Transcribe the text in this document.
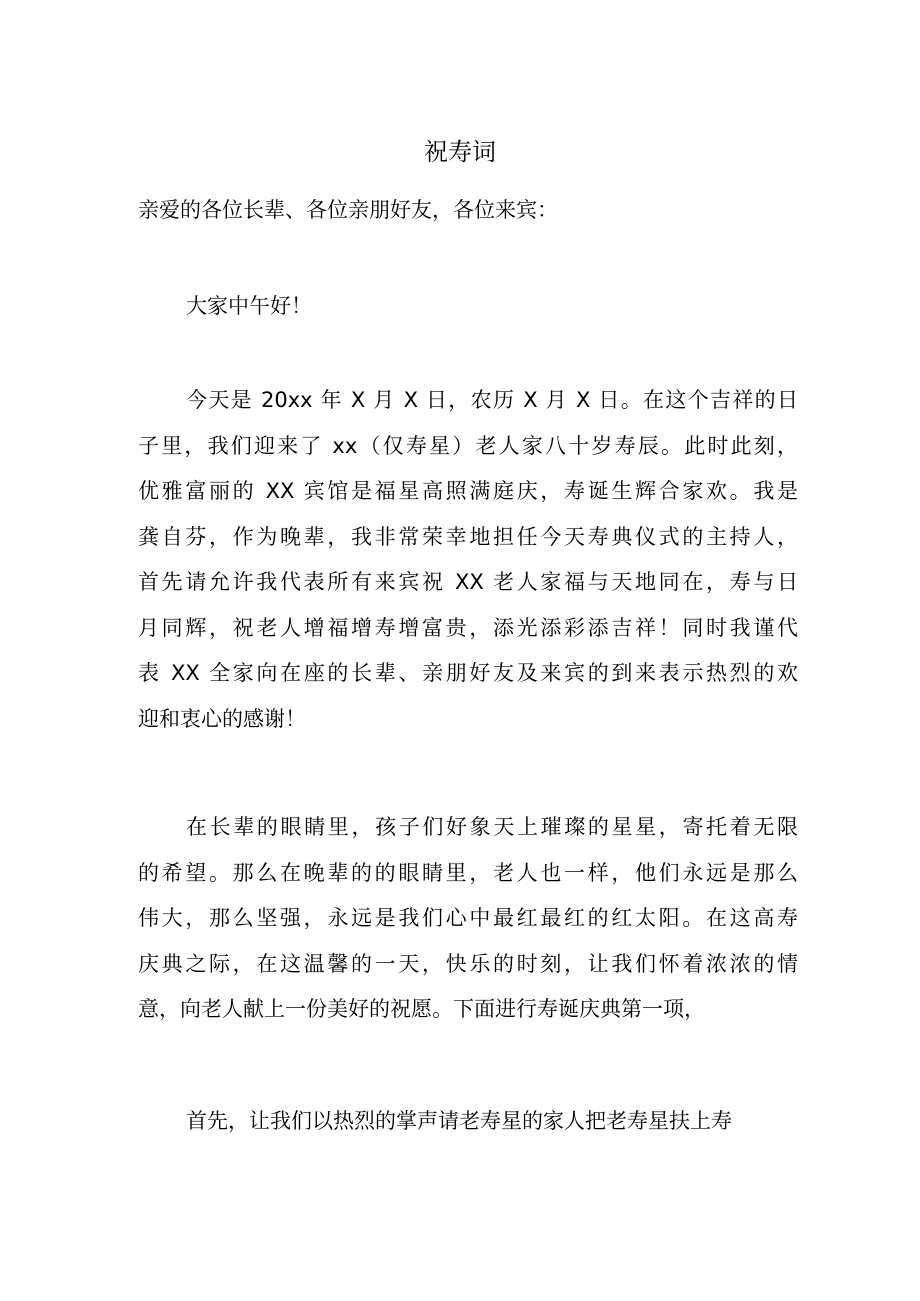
祝寿词

亲爱的各位长辈、各位亲朋好友，各位来宾：

大家中午好！
今天是 20xx 年 X 月 X 日，农历 X 月 X 日。在这个吉祥的日
子里，我们迎来了 xx（仅寿星）老人家八十岁寿辰。此时此刻，
优雅富丽的 XX 宾馆是福星高照满庭庆，寿诞生辉合家欢。我是
龚自芬，作为晚辈，我非常荣幸地担任今天寿典仪式的主持人，
首先请允许我代表所有来宾祝 XX 老人家福与天地同在，寿与日
月同辉，祝老人增福增寿增富贵，添光添彩添吉祥！同时我谨代
表 XX 全家向在座的长辈、亲朋好友及来宾的到来表示热烈的欢
迎和衷心的感谢！
在长辈的眼睛里，孩子们好象天上璀璨的星星，寄托着无限
的希望。那么在晚辈的的眼睛里，老人也一样，他们永远是那么
伟大，那么坚强，永远是我们心中最红最红的红太阳。在这高寿
庆典之际，在这温馨的一天，快乐的时刻，让我们怀着浓浓的情
意，向老人献上一份美好的祝愿。下面进行寿诞庆典第一项，
首先，让我们以热烈的掌声请老寿星的家人把老寿星扶上寿
